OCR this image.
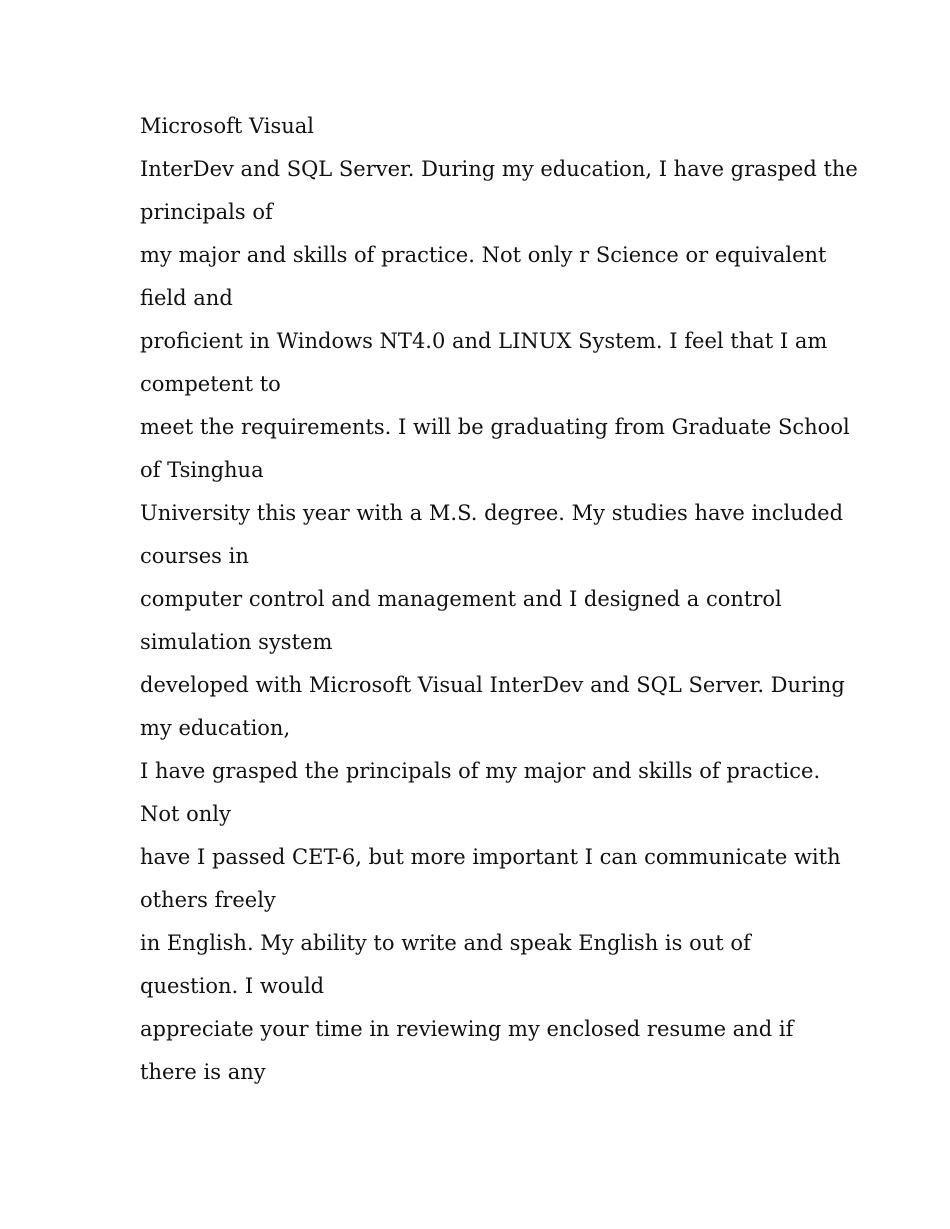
Microsoft Visual
InterDev and SQL Server. During my education, I have grasped the
principals of
my major and skills of practice. Not only r Science or equivalent
field and
proficient in Windows NT4.0 and LINUX System. I feel that I am
competent to
meet the requirements. I will be graduating from Graduate School
of Tsinghua
University this year with a M.S. degree. My studies have included
courses in
computer control and management and I designed a control
simulation system
developed with Microsoft Visual InterDev and SQL Server. During
my education,
I have grasped the principals of my major and skills of practice.
Not only
have I passed CET-6, but more important I can communicate with
others freely
in English. My ability to write and speak English is out of
question. I would
appreciate your time in reviewing my enclosed resume and if
there is any
